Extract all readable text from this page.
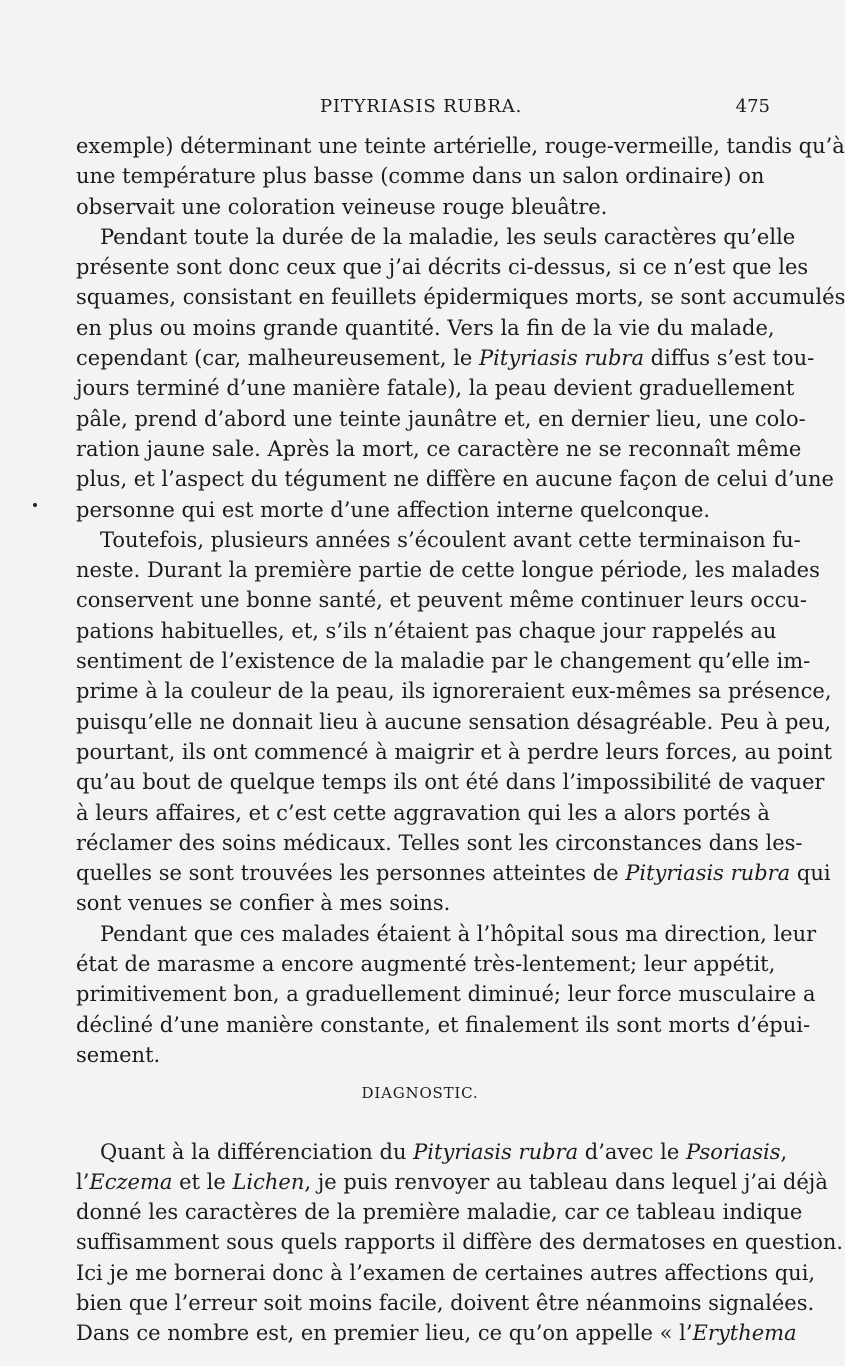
PITYRIASIS RUBRA.	475
exemple) déterminant une teinte artérielle, rouge-vermeille, tandis qu’à
une température plus basse (comme dans un salon ordinaire) on
observait une coloration veineuse rouge bleuâtre.
Pendant toute la durée de la maladie, les seuls caractères qu’elle
présente sont donc ceux que j’ai décrits ci-dessus, si ce n’est que les
squames, consistant en feuillets épidermiques morts, se sont accumulés
en plus ou moins grande quantité. Vers la fin de la vie du malade,
cependant (car, malheureusement, le Pityriasis rubra diffus s’est tou-
jours terminé d’une manière fatale), la peau devient graduellement
pâle, prend d’abord une teinte jaunâtre et, en dernier lieu, une colo-
ration jaune sale. Après la mort, ce caractère ne se reconnaît même
plus, et l’aspect du tégument ne diffère en aucune façon de celui d’une
personne qui est morte d’une affection interne quelconque.
Toutefois, plusieurs années s’écoulent avant cette terminaison fu-
neste. Durant la première partie de cette longue période, les malades
conservent une bonne santé, et peuvent même continuer leurs occu-
pations habituelles, et, s’ils n’étaient pas chaque jour rappelés au
sentiment de l’existence de la maladie par le changement qu’elle im-
prime à la couleur de la peau, ils ignoreraient eux-mêmes sa présence,
puisqu’elle ne donnait lieu à aucune sensation désagréable. Peu à peu,
pourtant, ils ont commencé à maigrir et à perdre leurs forces, au point
qu’au bout de quelque temps ils ont été dans l’impossibilité de vaquer
à leurs affaires, et c’est cette aggravation qui les a alors portés à
réclamer des soins médicaux. Telles sont les circonstances dans les-
quelles se sont trouvées les personnes atteintes de Pityriasis rubra qui
sont venues se confier à mes soins.
Pendant que ces malades étaient à l’hôpital sous ma direction, leur
état de marasme a encore augmenté très-lentement; leur appétit,
primitivement bon, a graduellement diminué; leur force musculaire a
décliné d’une manière constante, et finalement ils sont morts d’épui-
sement.
DIAGNOSTIC.
Quant à la différenciation du Pityriasis rubra d’avec le Psoriasis,
l’Eczema et le Lichen, je puis renvoyer au tableau dans lequel j’ai déjà
donné les caractères de la première maladie, car ce tableau indique
suffisamment sous quels rapports il diffère des dermatoses en question.
Ici je me bornerai donc à l’examen de certaines autres affections qui,
bien que l’erreur soit moins facile, doivent être néanmoins signalées.
Dans ce nombre est, en premier lieu, ce qu’on appelle « l’Erythema
